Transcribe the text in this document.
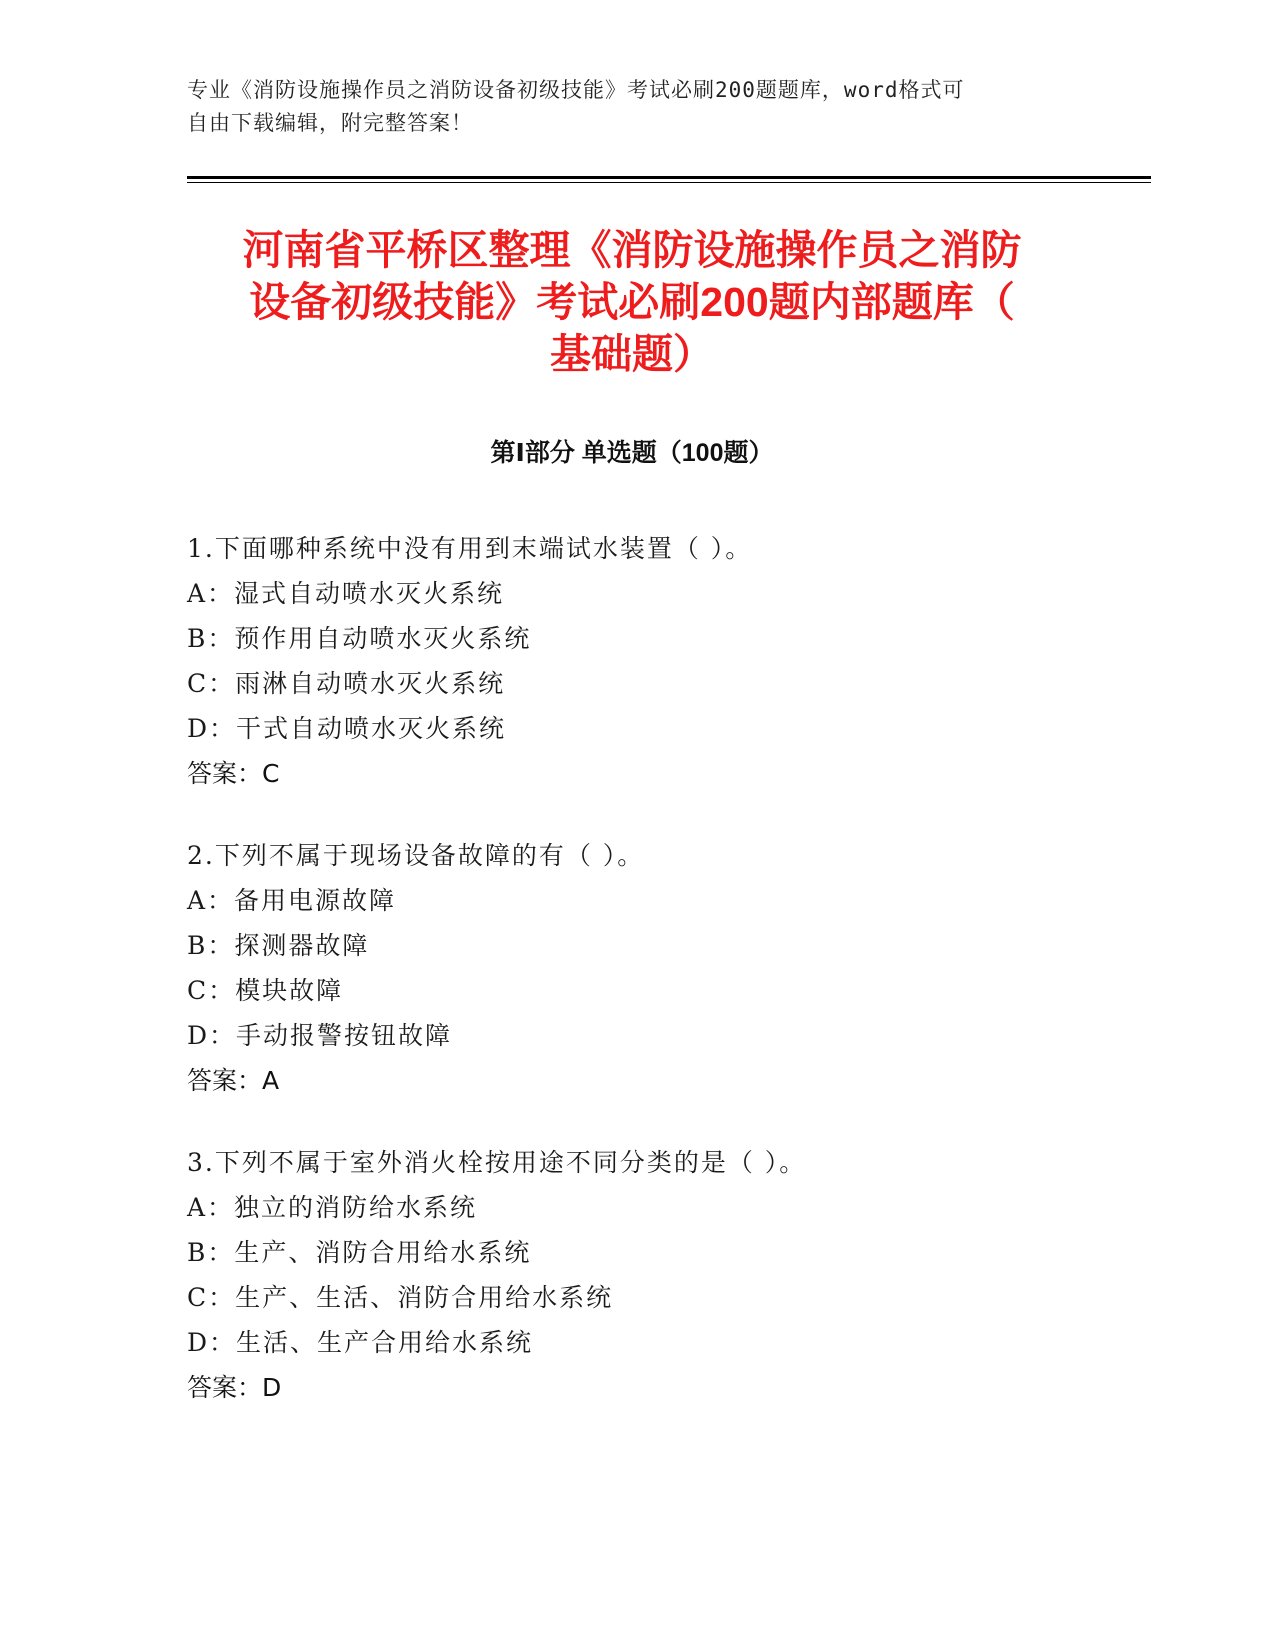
专业《消防设施操作员之消防设备初级技能》考试必刷200题题库，word格式可
自由下载编辑，附完整答案！
河南省平桥区整理《消防设施操作员之消防
设备初级技能》考试必刷200题内部题库（
基础题）
第Ⅰ部分 单选题（100题）
1.下面哪种系统中没有用到末端试水装置（ ）。
A：湿式自动喷水灭火系统
B：预作用自动喷水灭火系统
C：雨淋自动喷水灭火系统
D：干式自动喷水灭火系统
答案：C
2.下列不属于现场设备故障的有（ ）。
A：备用电源故障
B：探测器故障
C：模块故障
D：手动报警按钮故障
答案：A
3.下列不属于室外消火栓按用途不同分类的是（ ）。
A：独立的消防给水系统
B：生产、消防合用给水系统
C：生产、生活、消防合用给水系统
D：生活、生产合用给水系统
答案：D
